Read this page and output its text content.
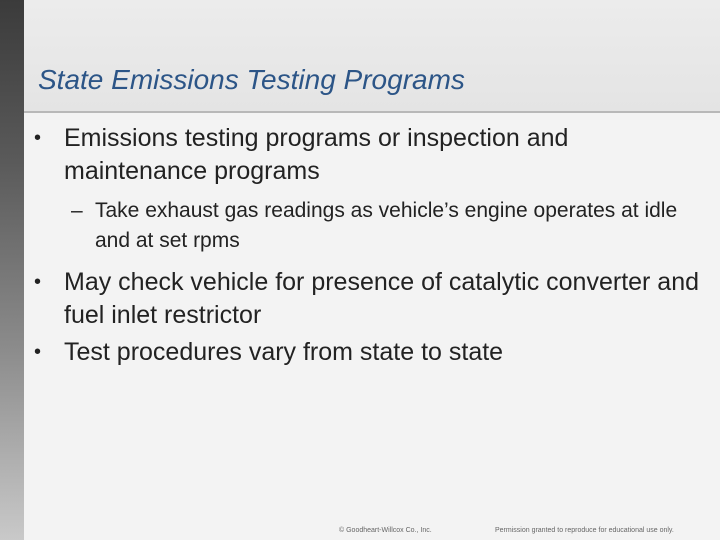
State Emissions Testing Programs

• Emissions testing programs or inspection and maintenance programs

– Take exhaust gas readings as vehicle’s engine operates at idle and at set rpms

• May check vehicle for presence of catalytic converter and fuel inlet restrictor

• Test procedures vary from state to state

© Goodheart-Willcox Co., Inc.	Permission granted to reproduce for educational use only.
